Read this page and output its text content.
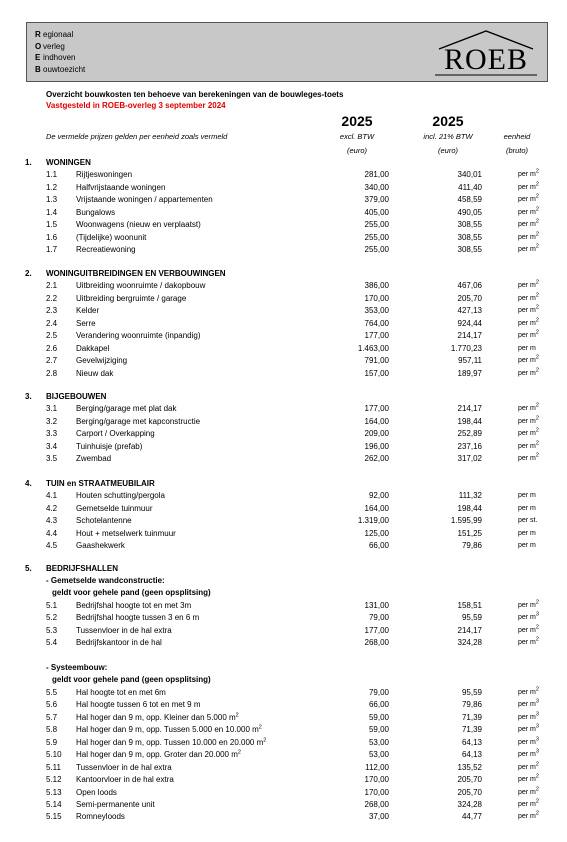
R egionaal
O verleg
E indhoven
B ouwtoezicht	ROEB
Overzicht bouwkosten ten behoeve van berekeningen van de bouwleges-toets
Vastgesteld in ROEB-overleg 3 september 2024
2025	2025
excl. BTW
(euro)
incl. 21% BTW
(euro)
eenheid
(bruto)
De vermelde prijzen gelden per eenheid zoals vermeld
1. WONINGEN
1.1 Rijtjeswoningen	281,00	340,01	per $m^2$
1.2 Halfvrijstaande woningen	340,00	411,40	per $m^2$
1.3 Vrijstaande woningen / appartementen	379,00	458,59	per $m^2$
1.4 Bungalows	405,00	490,05	per $m^2$
1.5 Woonwagens (nieuw en verplaatst)	255,00	308,55	per $m^2$
1.6 (Tijdelijke) woonunit	255,00	308,55	per $m^2$
1.7 Recreatiewoning	255,00	308,55	per $m^2$
2. WONINGUITBREIDINGEN EN VERBOUWINGEN
2.1 Uitbreiding woonruimte / dakopbouw	386,00	467,06	per $m^2$
2.2 Uitbreiding bergruimte / garage	170,00	205,70	per $m^2$
2.3 Kelder	353,00	427,13	per $m^2$
2.4 Serre	764,00	924,44	per $m^2$
2.5 Verandering woonruimte (inpandig)	177,00	214,17	per $m^2$
2.6 Dakkapel	1.463,00	1.770,23	per m
2.7 Gevelwijziging	791,00	957,11	per $m^2$
2.8 Nieuw dak	157,00	189,97	per $m^2$
3. BIJGEBOUWEN
3.1 Berging/garage met plat dak	177,00	214,17	per $m^2$
3.2 Berging/garage met kapconstructie	164,00	198,44	per $m^2$
3.3 Carport / Overkapping	209,00	252,89	per $m^2$
3.4 Tuinhuisje (prefab)	196,00	237,16	per $m^2$
3.5 Zwembad	262,00	317,02	per $m^2$
4. TUIN en STRAATMEUBILAIR
4.1 Houten schutting/pergola	92,00	111,32	per m
4.2 Gemetselde tuinmuur	164,00	198,44	per m
4.3 Schotelantenne	1.319,00	1.595,99	per st.
4.4 Hout + metselwerk tuinmuur	125,00	151,25	per m
4.5 Gaashekwerk	66,00	79,86	per m
5. BEDRIJFSHALLEN
- Gemetselde wandconstructie:
geldt voor gehele pand (geen opsplitsing)
5.1 Bedrijfshal hoogte tot en met 3m	131,00	158,51	per $m^2$
5.2 Bedrijfshal hoogte tussen 3 en 6 m	79,00	95,59	per $m^3$
5.3 Tussenvloer in de hal extra	177,00	214,17	per $m^2$
5.4 Bedrijfskantoor in de hal	268,00	324,28	per $m^2$
- Systeembouw:
geldt voor gehele pand (geen opsplitsing)
5.5 Hal hoogte tot en met 6m	79,00	95,59	per $m^2$
5.6 Hal hoogte tussen 6 tot en met 9 m	66,00	79,86	per $m^3$
5.7 Hal hoger dan 9 m, opp. Kleiner dan 5.000 $m^2$	59,00	71,39	per $m^3$
5.8 Hal hoger dan 9 m, opp. Tussen 5.000 en 10.000 $m^2$	59,00	71,39	per $m^3$
5.9 Hal hoger dan 9 m, opp. Tussen 10.000 en 20.000 $m^2$	53,00	64,13	per $m^3$
5.10 Hal hoger dan 9 m, opp. Groter dan 20.000 $m^2$	53,00	64,13	per $m^3$
5.11 Tussenvloer in de hal extra	112,00	135,52	per $m^2$
5.12 Kantoorvloer in de hal extra	170,00	205,70	per $m^2$
5.13 Open loods	170,00	205,70	per $m^2$
5.14 Semi-permanente unit	268,00	324,28	per $m^2$
5.15 Romneyloods	37,00	44,77	per $m^2$
